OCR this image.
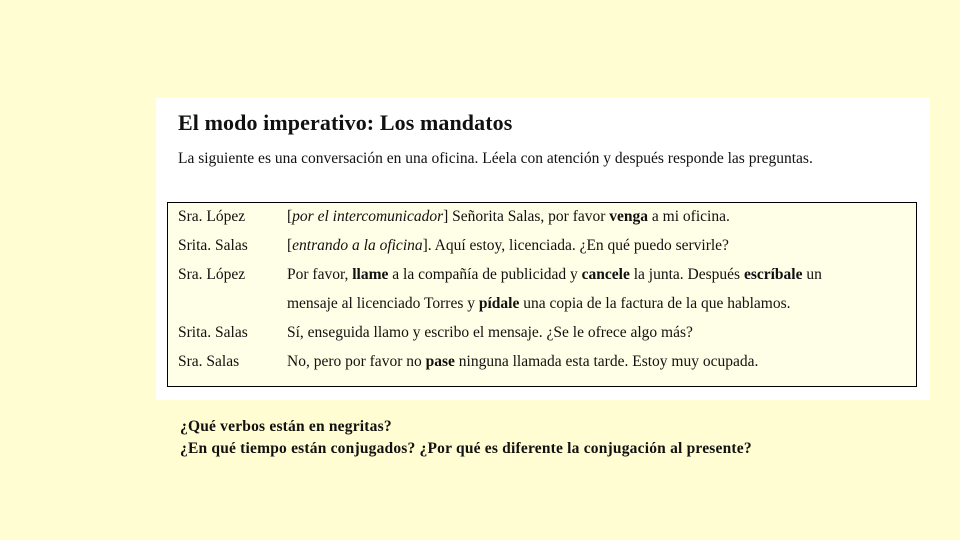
El modo imperativo: Los mandatos
La siguiente es una conversación en una oficina. Léela con atención y después responde las preguntas.
Sra. López	[por el intercomunicador] Señorita Salas, por favor venga a mi oficina.
Srita. Salas	[entrando a la oficina]. Aquí estoy, licenciada. ¿En qué puedo servirle?
Sra. López	Por favor, llame a la compañía de publicidad y cancele la junta. Después escríbale un
mensaje al licenciado Torres y pídale una copia de la factura de la que hablamos.
Srita. Salas	Sí, enseguida llamo y escribo el mensaje. ¿Se le ofrece algo más?
Sra. Salas	No, pero por favor no pase ninguna llamada esta tarde. Estoy muy ocupada.
¿Qué verbos están en negritas?
¿En qué tiempo están conjugados? ¿Por qué es diferente la conjugación al presente?
